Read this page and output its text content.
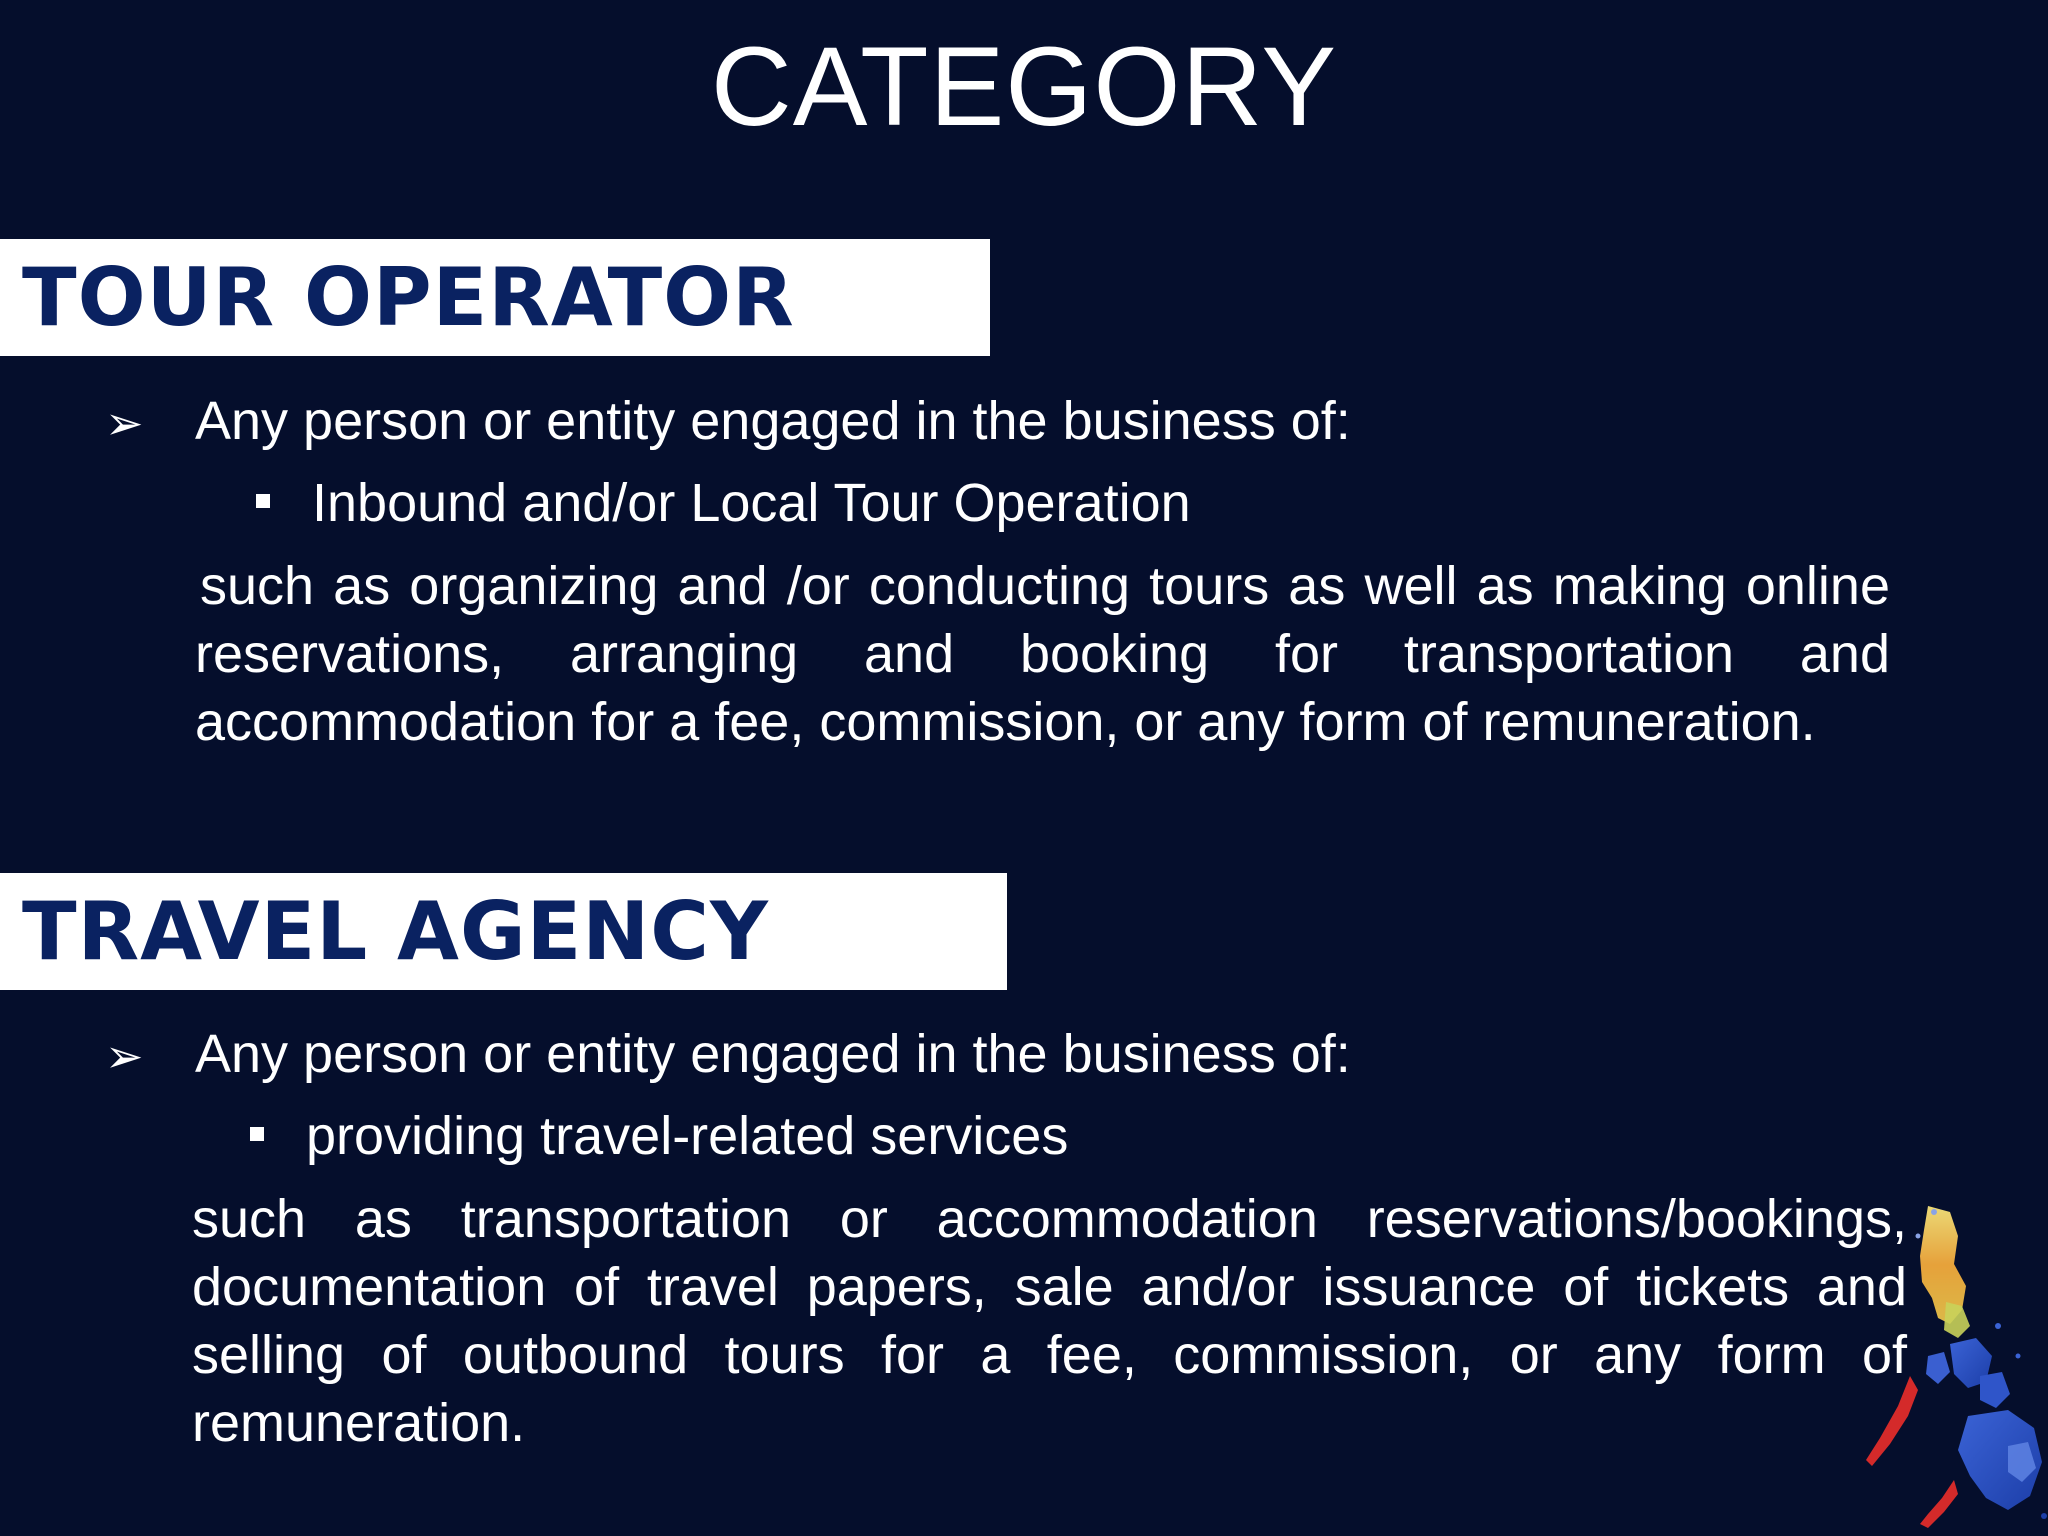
CATEGORY
TOUR OPERATOR
➢ Any person or entity engaged in the business of:
Inbound and/or Local Tour Operation

such as organizing and /or conducting tours as well as making online reservations, arranging and booking for transportation and accommodation for a fee, commission, or any form of remuneration.

TRAVEL AGENCY
➢ Any person or entity engaged in the business of:
providing travel-related services

such as transportation or accommodation reservations/bookings, documentation of travel papers, sale and/or issuance of tickets and selling of outbound tours for a fee, commission, or any form of remuneration.
